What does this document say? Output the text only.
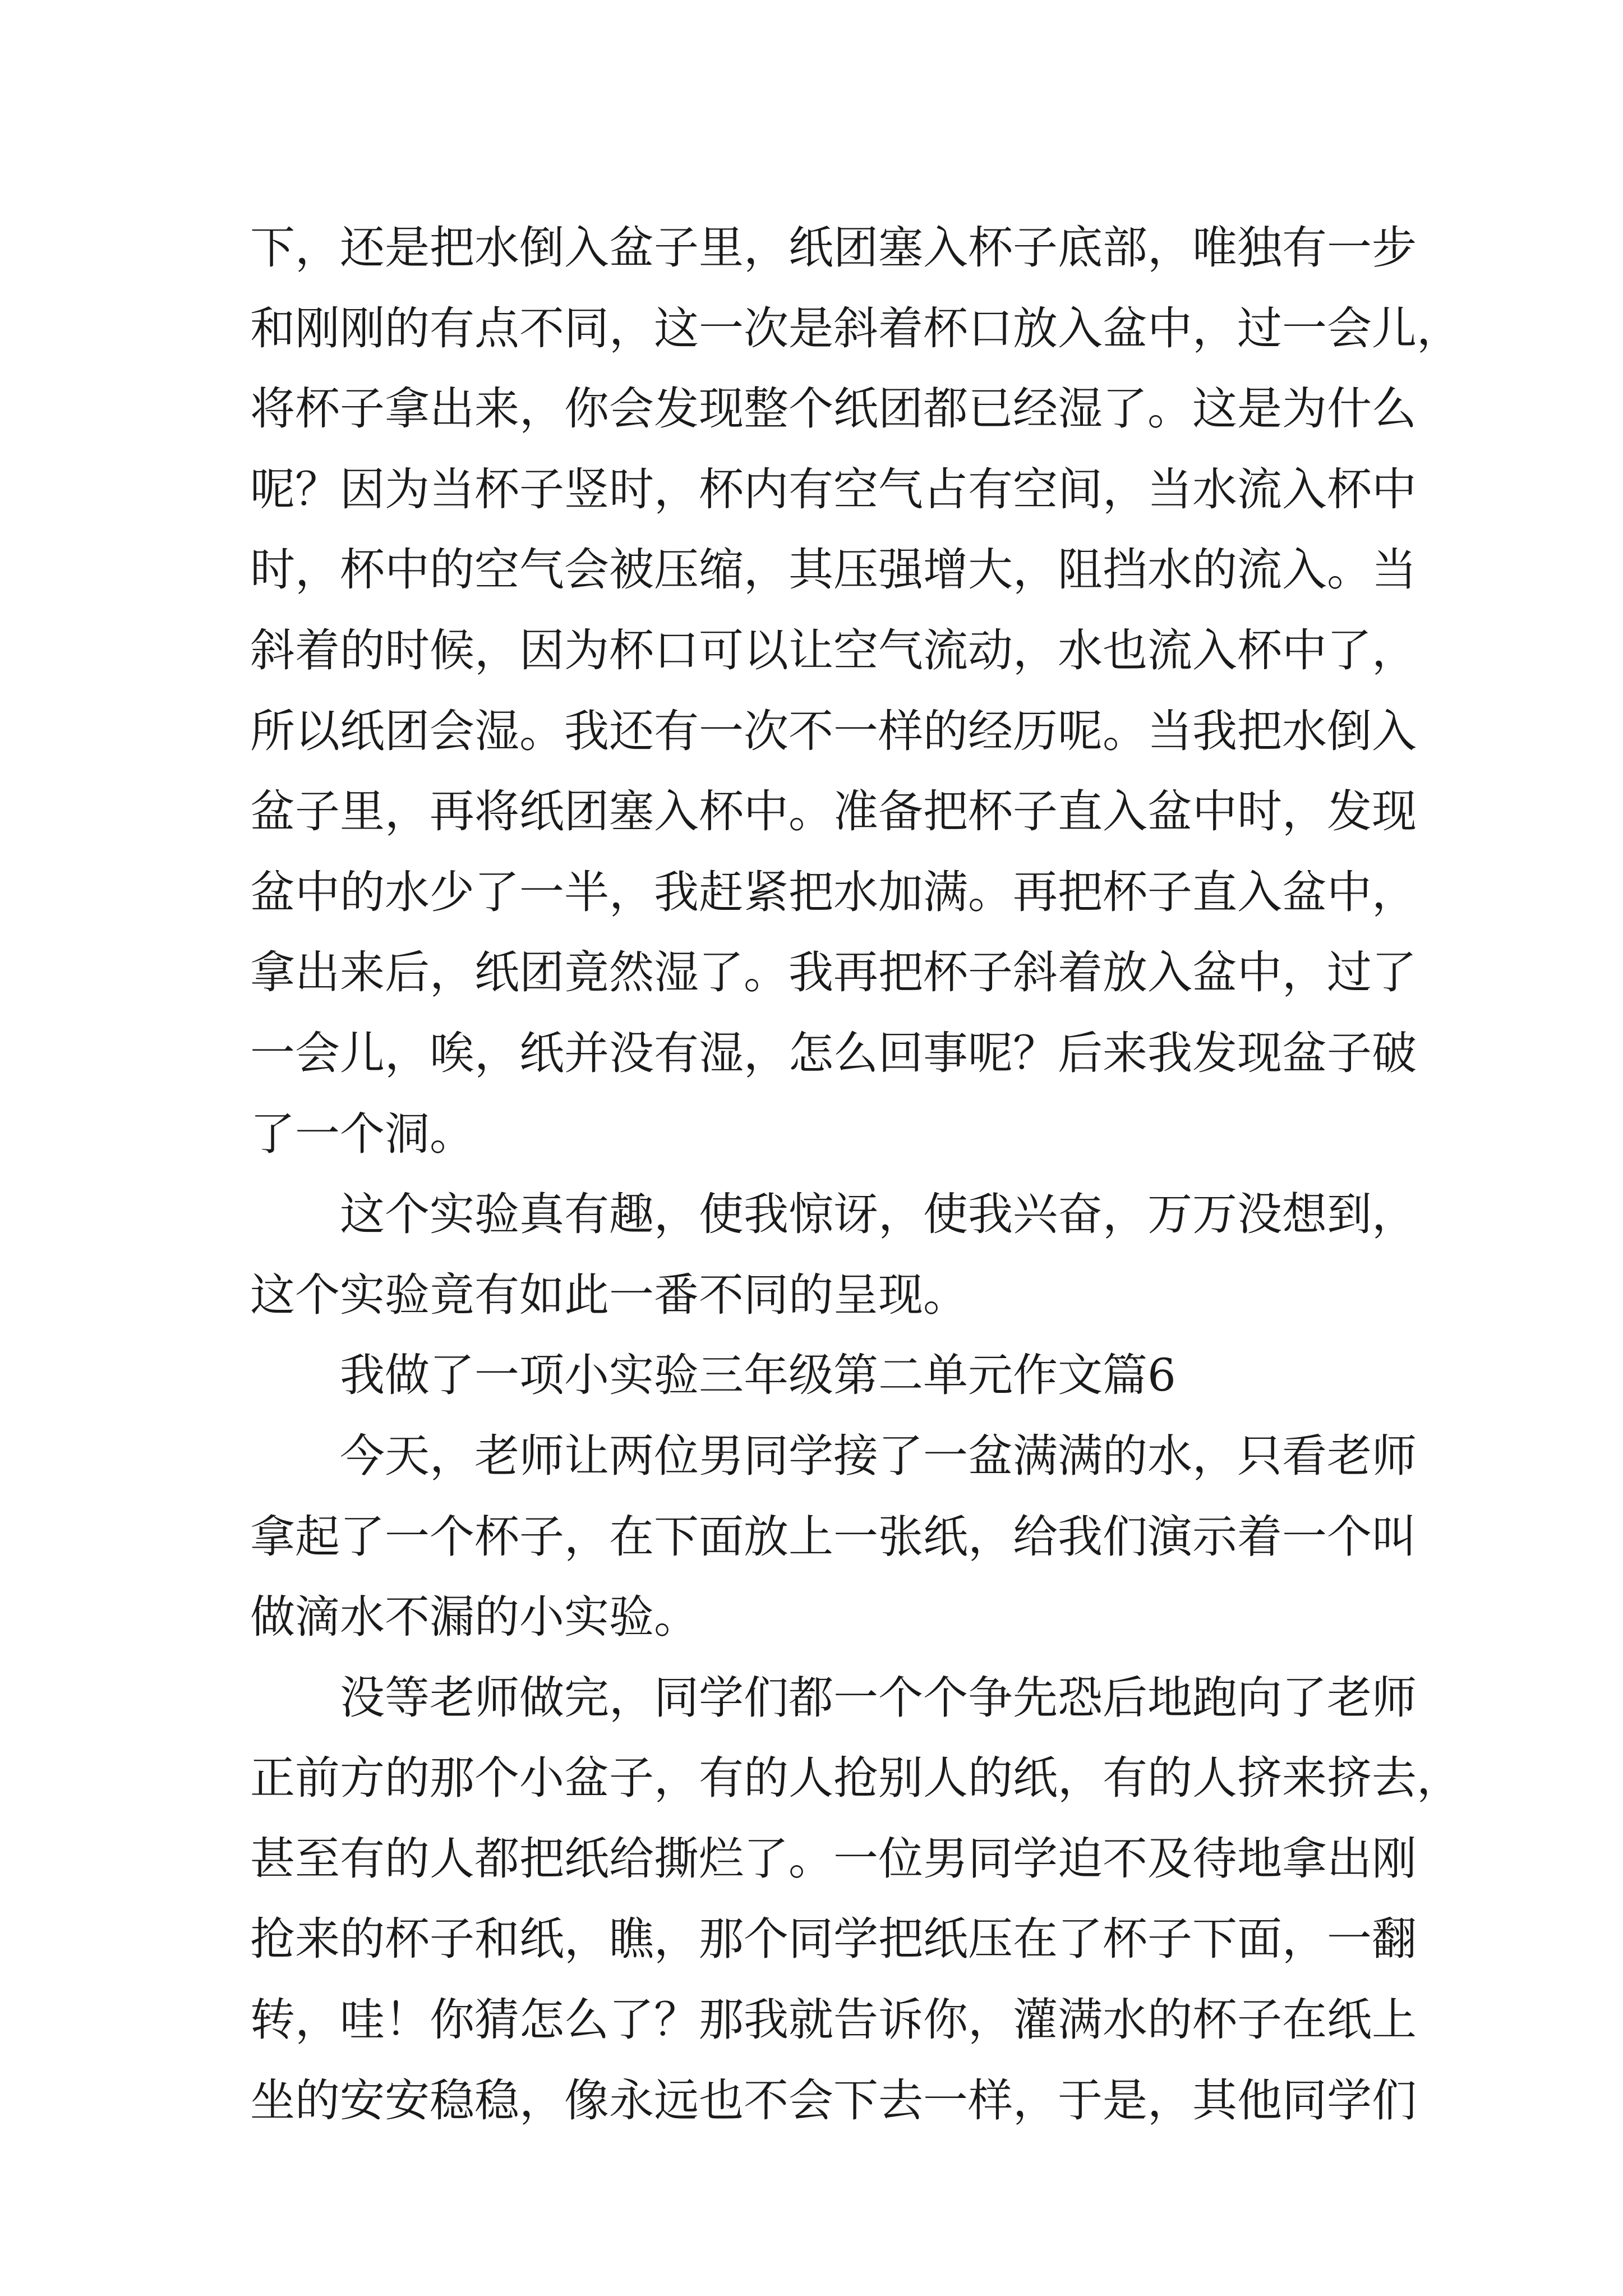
下，还是把水倒入盆子里，纸团塞入杯子底部，唯独有一步
和刚刚的有点不同，这一次是斜着杯口放入盆中，过一会儿，
将杯子拿出来，你会发现整个纸团都已经湿了。这是为什么
呢？因为当杯子竖时，杯内有空气占有空间，当水流入杯中
时，杯中的空气会被压缩，其压强增大，阻挡水的流入。当
斜着的时候，因为杯口可以让空气流动，水也流入杯中了，
所以纸团会湿。我还有一次不一样的经历呢。当我把水倒入
盆子里，再将纸团塞入杯中。准备把杯子直入盆中时，发现
盆中的水少了一半，我赶紧把水加满。再把杯子直入盆中，
拿出来后，纸团竟然湿了。我再把杯子斜着放入盆中，过了
一会儿，唉，纸并没有湿，怎么回事呢？后来我发现盆子破
了一个洞。
这个实验真有趣，使我惊讶，使我兴奋，万万没想到，
这个实验竟有如此一番不同的呈现。
我做了一项小实验三年级第二单元作文篇6
今天，老师让两位男同学接了一盆满满的水，只看老师
拿起了一个杯子，在下面放上一张纸，给我们演示着一个叫
做滴水不漏的小实验。
没等老师做完，同学们都一个个争先恐后地跑向了老师
正前方的那个小盆子，有的人抢别人的纸，有的人挤来挤去，
甚至有的人都把纸给撕烂了。一位男同学迫不及待地拿出刚
抢来的杯子和纸，瞧，那个同学把纸压在了杯子下面，一翻
转，哇！你猜怎么了？那我就告诉你，灌满水的杯子在纸上
坐的安安稳稳，像永远也不会下去一样，于是，其他同学们
